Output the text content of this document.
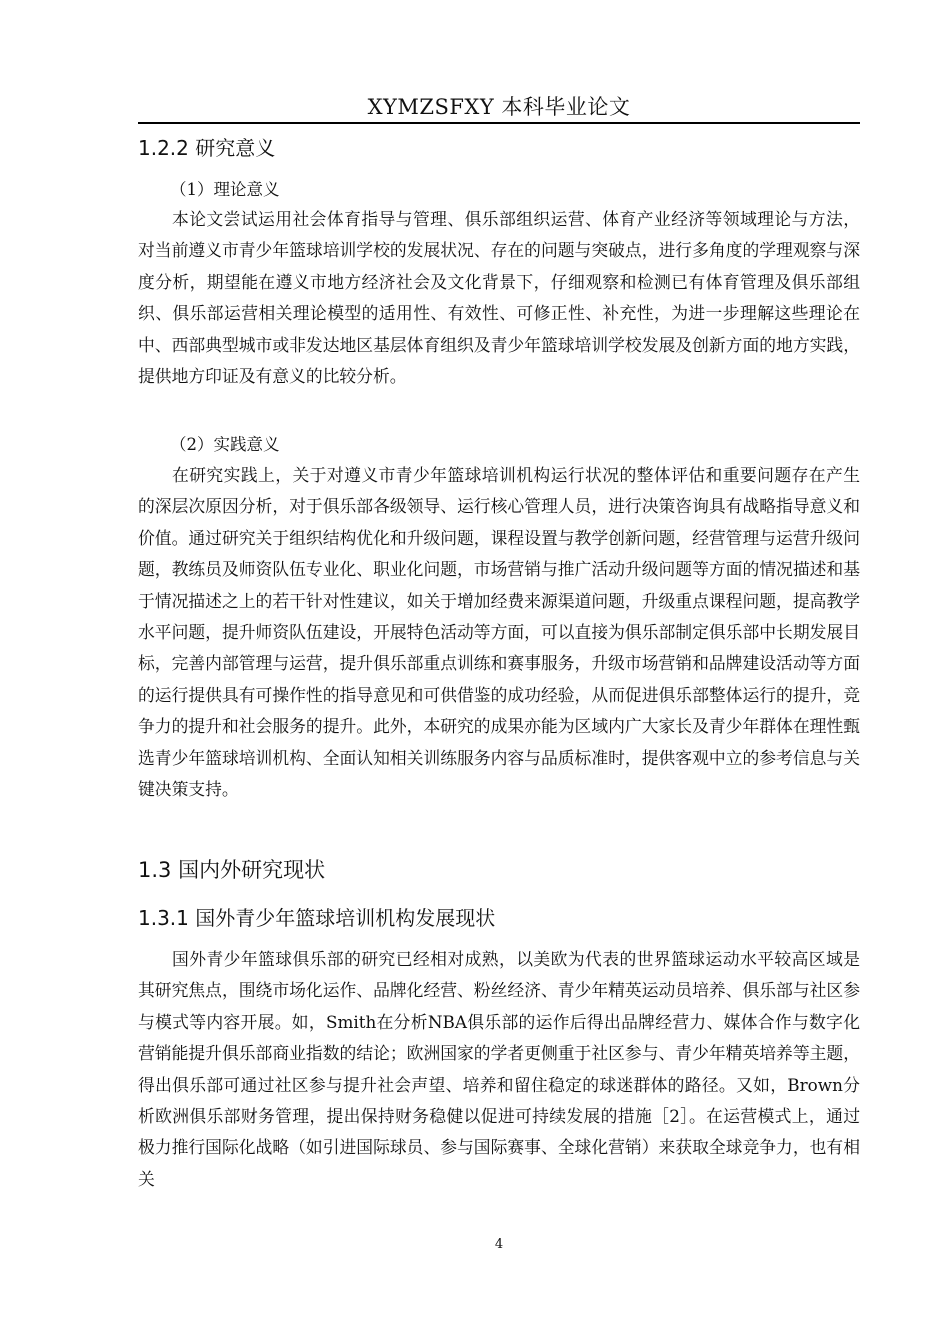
XYMZSFXY 本科毕业论文
1.2.2 研究意义
（1）理论意义
本论文尝试运用社会体育指导与管理、俱乐部组织运营、体育产业经济等领域理论与方法，对当前遵义市青少年篮球培训学校的发展状况、存在的问题与突破点，进行多角度的学理观察与深度分析，期望能在遵义市地方经济社会及文化背景下，仔细观察和检测已有体育管理及俱乐部组织、俱乐部运营相关理论模型的适用性、有效性、可修正性、补充性，为进一步理解这些理论在中、西部典型城市或非发达地区基层体育组织及青少年篮球培训学校发展及创新方面的地方实践，提供地方印证及有意义的比较分析。
（2）实践意义
在研究实践上，关于对遵义市青少年篮球培训机构运行状况的整体评估和重要问题存在产生的深层次原因分析，对于俱乐部各级领导、运行核心管理人员，进行决策咨询具有战略指导意义和价值。通过研究关于组织结构优化和升级问题，课程设置与教学创新问题，经营管理与运营升级问题，教练员及师资队伍专业化、职业化问题，市场营销与推广活动升级问题等方面的情况描述和基于情况描述之上的若干针对性建议，如关于增加经费来源渠道问题，升级重点课程问题，提高教学水平问题，提升师资队伍建设，开展特色活动等方面，可以直接为俱乐部制定俱乐部中长期发展目标，完善内部管理与运营，提升俱乐部重点训练和赛事服务，升级市场营销和品牌建设活动等方面的运行提供具有可操作性的指导意见和可供借鉴的成功经验，从而促进俱乐部整体运行的提升，竞争力的提升和社会服务的提升。此外，本研究的成果亦能为区域内广大家长及青少年群体在理性甄选青少年篮球培训机构、全面认知相关训练服务内容与品质标准时，提供客观中立的参考信息与关键决策支持。
1.3 国内外研究现状
1.3.1 国外青少年篮球培训机构发展现状
国外青少年篮球俱乐部的研究已经相对成熟，以美欧为代表的世界篮球运动水平较高区域是其研究焦点，围绕市场化运作、品牌化经营、粉丝经济、青少年精英运动员培养、俱乐部与社区参与模式等内容开展。如，Smith在分析NBA俱乐部的运作后得出品牌经营力、媒体合作与数字化营销能提升俱乐部商业指数的结论；欧洲国家的学者更侧重于社区参与、青少年精英培养等主题，得出俱乐部可通过社区参与提升社会声望、培养和留住稳定的球迷群体的路径。又如，Brown分析欧洲俱乐部财务管理，提出保持财务稳健以促进可持续发展的措施［2］。在运营模式上，通过极力推行国际化战略（如引进国际球员、参与国际赛事、全球化营销）来获取全球竞争力，也有相关
4
